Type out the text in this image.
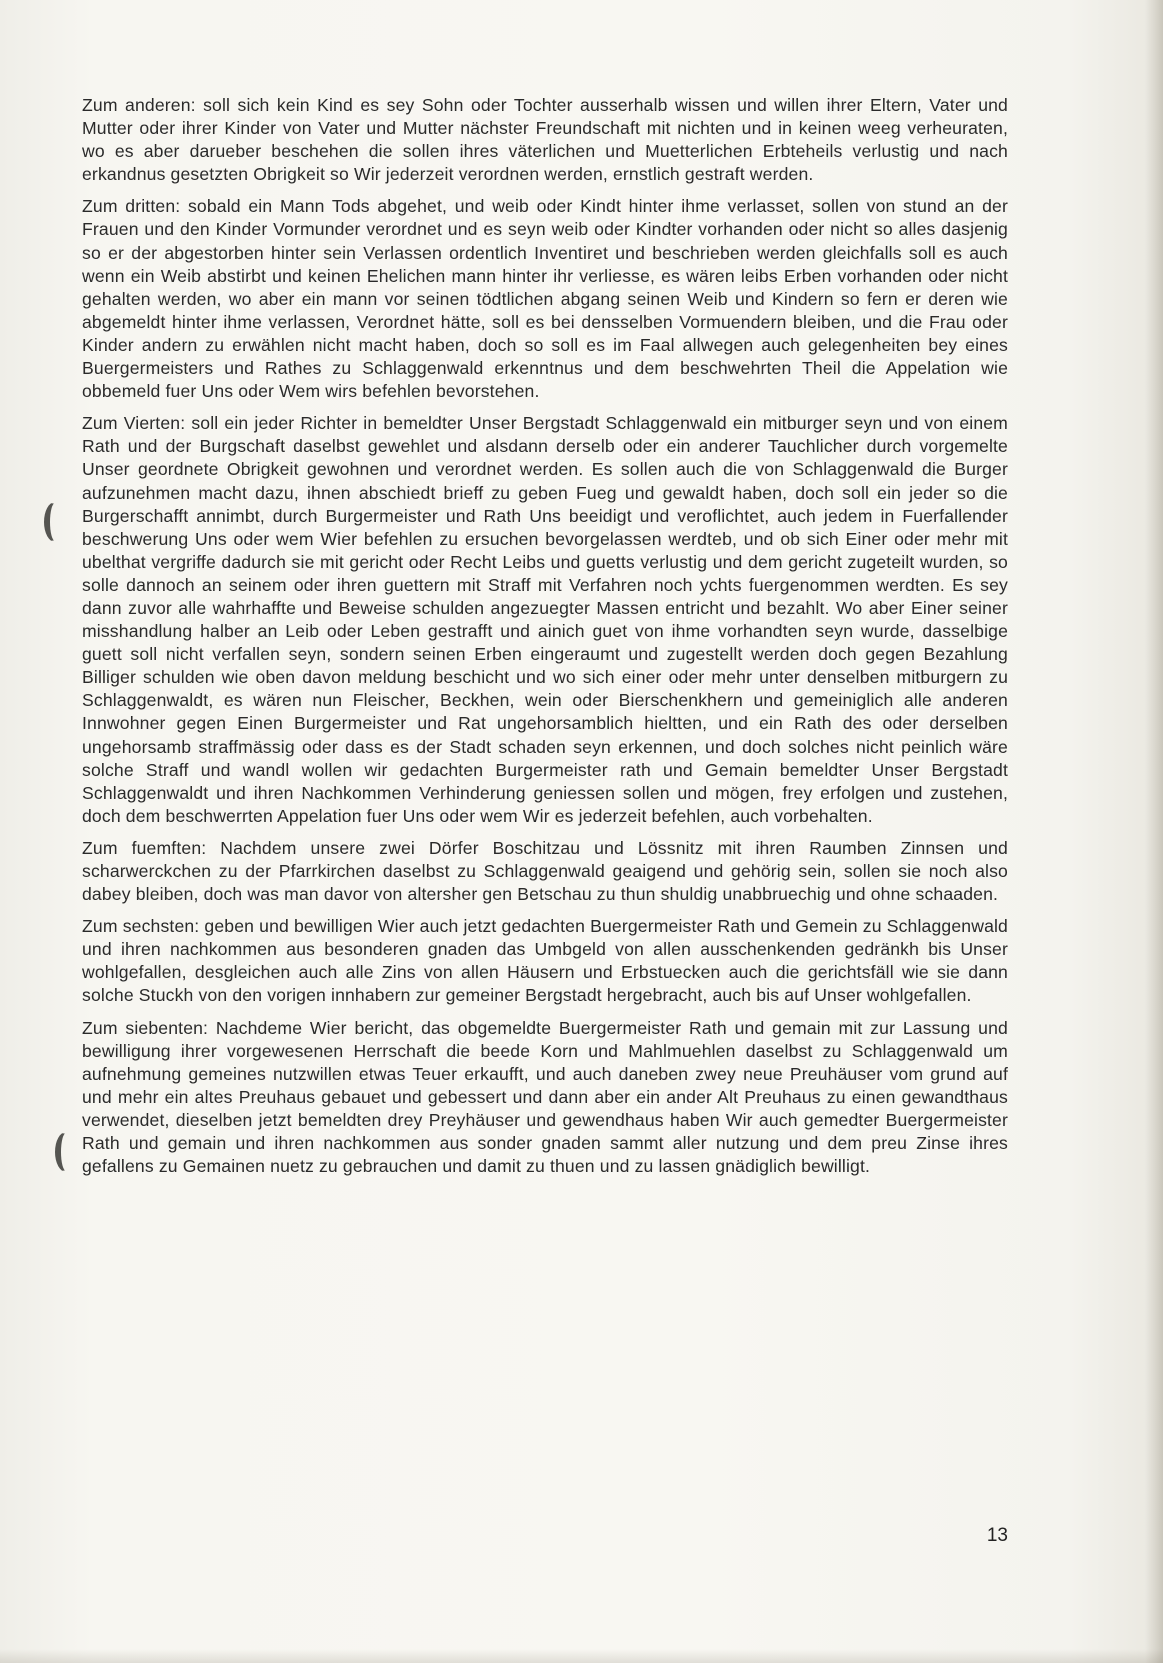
Zum anderen: soll sich kein Kind es sey Sohn oder Tochter ausserhalb wissen und willen ihrer Eltern, Vater und Mutter oder ihrer Kinder von Vater und Mutter nächster Freundschaft mit nichten und in keinen weeg verheuraten, wo es aber darueber beschehen die sollen ihres väterlichen und Muetterlichen Erbteheils verlustig und nach erkandnus gesetzten Obrigkeit so Wir jederzeit verordnen werden, ernstlich gestraft werden.

Zum dritten: sobald ein Mann Tods abgehet, und weib oder Kindt hinter ihme verlasset, sollen von stund an der Frauen und den Kinder Vormunder verordnet und es seyn weib oder Kindter vorhanden oder nicht so alles dasjenig so er der abgestorben hinter sein Verlassen ordentlich Inventiret und beschrieben werden gleichfalls soll es auch wenn ein Weib abstirbt und keinen Ehelichen mann hinter ihr verliesse, es wären leibs Erben vorhanden oder nicht gehalten werden, wo aber ein mann vor seinen tödtlichen abgang seinen Weib und Kindern so fern er deren wie abgemeldt hinter ihme verlassen, Verordnet hätte, soll es bei densselben Vormuendern bleiben, und die Frau oder Kinder andern zu erwählen nicht macht haben, doch so soll es im Faal allwegen auch gelegenheiten bey eines Buergermeisters und Rathes zu Schlaggenwald erkenntnus und dem beschwehrten Theil die Appelation wie obbemeld fuer Uns oder Wem wirs befehlen bevorstehen.

Zum Vierten: soll ein jeder Richter in bemeldter Unser Bergstadt Schlaggenwald ein mitburger seyn und von einem Rath und der Burgschaft daselbst gewehlet und alsdann derselb oder ein anderer Tauchlicher durch vorgemelte Unser geordnete Obrigkeit gewohnen und verordnet werden. Es sollen auch die von Schlaggenwald die Burger aufzunehmen macht dazu, ihnen abschiedt brieff zu geben Fueg und gewaldt haben, doch soll ein jeder so die Burgerschafft annimbt, durch Burgermeister und Rath Uns beeidigt und veroflichtet, auch jedem in Fuerfallender beschwerung Uns oder wem Wier befehlen zu ersuchen bevorgelassen werdteb, und ob sich Einer oder mehr mit ubelthat vergriffe dadurch sie mit gericht oder Recht Leibs und guetts verlustig und dem gericht zugeteilt wurden, so solle dannoch an seinem oder ihren guettern mit Straff mit Verfahren noch ychts fuergenommen werdten. Es sey dann zuvor alle wahrhaffte und Beweise schulden angezuegter Massen entricht und bezahlt. Wo aber Einer seiner misshandlung halber an Leib oder Leben gestrafft und ainich guet von ihme vorhandten seyn wurde, dasselbige guett soll nicht verfallen seyn, sondern seinen Erben eingeraumt und zugestellt werden doch gegen Bezahlung Billiger schulden wie oben davon meldung beschicht und wo sich einer oder mehr unter denselben mitburgern zu Schlaggenwaldt, es wären nun Fleischer, Beckhen, wein oder Bierschenkhern und gemeiniglich alle anderen Innwohner gegen Einen Burgermeister und Rat ungehorsamblich hieltten, und ein Rath des oder derselben ungehorsamb straffmässig oder dass es der Stadt schaden seyn erkennen, und doch solches nicht peinlich wäre solche Straff und wandl wollen wir gedachten Burgermeister rath und Gemain bemeldter Unser Bergstadt Schlaggenwaldt und ihren Nachkommen Verhinderung geniessen sollen und mögen, frey erfolgen und zustehen, doch dem beschwerrten Appelation fuer Uns oder wem Wir es jederzeit befehlen, auch vorbehalten.

Zum fuemften: Nachdem unsere zwei Dörfer Boschitzau und Lössnitz mit ihren Raumben Zinnsen und scharwerckchen zu der Pfarrkirchen daselbst zu Schlaggenwald geaigend und gehörig sein, sollen sie noch also dabey bleiben, doch was man davor von altersher gen Betschau zu thun shuldig unabbruechig und ohne schaaden.

Zum sechsten: geben und bewilligen Wier auch jetzt gedachten Buergermeister Rath und Gemein zu Schlaggenwald und ihren nachkommen aus besonderen gnaden das Umbgeld von allen ausschenkenden gedränkh bis Unser wohlgefallen, desgleichen auch alle Zins von allen Häusern und Erbstuecken auch die gerichtsfäll wie sie dann solche Stuckh von den vorigen innhabern zur gemeiner Bergstadt hergebracht, auch bis auf Unser wohlgefallen.

Zum siebenten: Nachdeme Wier bericht, das obgemeldte Buergermeister Rath und gemain mit zur Lassung und bewilligung ihrer vorgewesenen Herrschaft die beede Korn und Mahlmuehlen daselbst zu Schlaggenwald um aufnehmung gemeines nutzwillen etwas Teuer erkaufft, und auch daneben zwey neue Preuhäuser vom grund auf und mehr ein altes Preuhaus gebauet und gebessert und dann aber ein ander Alt Preuhaus zu einen gewandthaus verwendet, dieselben jetzt bemeldten drey Preyhäuser und gewendhaus haben Wir auch gemedter Buergermeister Rath und gemain und ihren nachkommen aus sonder gnaden sammt aller nutzung und dem preu Zinse ihres gefallens zu Gemainen nuetz zu gebrauchen und damit zu thuen und zu lassen gnädiglich bewilligt.

13
